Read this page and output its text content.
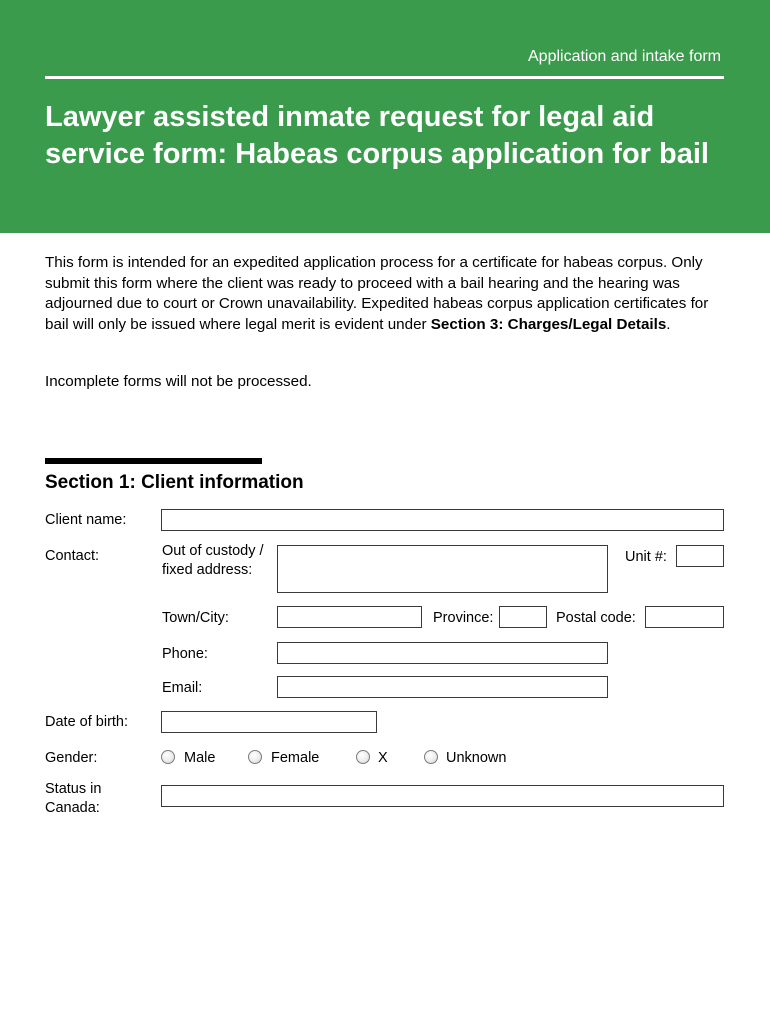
Application and intake form
Lawyer assisted inmate request for legal aid service form: Habeas corpus application for bail

This form is intended for an expedited application process for a certificate for habeas corpus. Only submit this form where the client was ready to proceed with a bail hearing and the hearing was adjourned due to court or Crown unavailability. Expedited habeas corpus application certificates for bail will only be issued where legal merit is evident under Section 3: Charges/Legal Details.

Incomplete forms will not be processed.

Section 1: Client information
Client name:
Contact:	Out of custody / fixed address:
Unit #:
Town/City:	Province:	Postal code:
Phone:
Email:
Date of birth:
Gender:	Male	Female	X	Unknown
Status in Canada:
